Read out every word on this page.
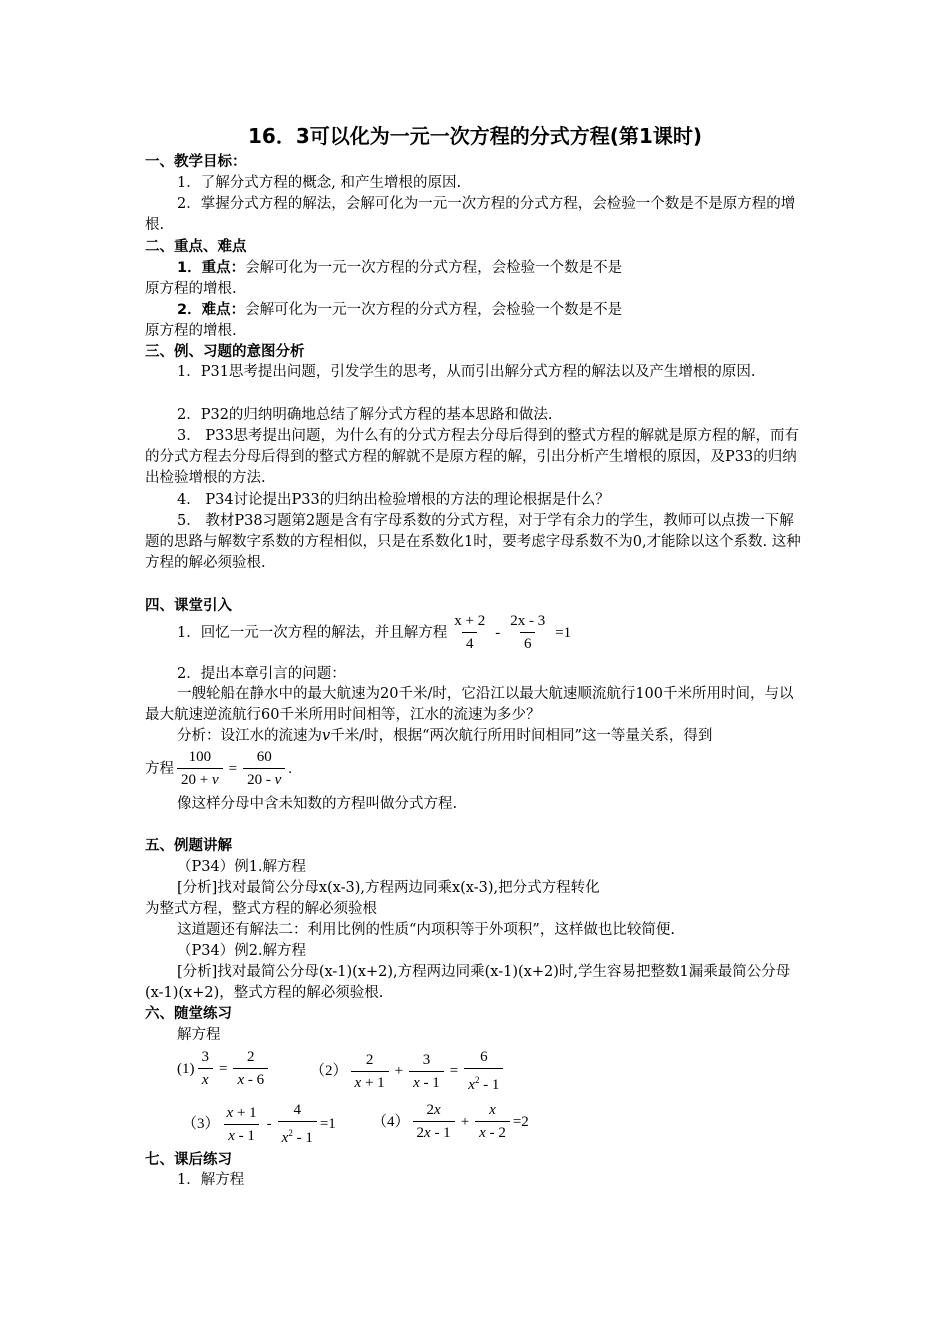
16．3可以化为一元一次方程的分式方程(第1课时)
一、教学目标：
1．了解分式方程的概念, 和产生增根的原因.
2．掌握分式方程的解法，会解可化为一元一次方程的分式方程，会检验一个数是不是原方程的增根.
二、重点、难点
1．重点：会解可化为一元一次方程的分式方程，会检验一个数是不是
原方程的增根.
2．难点：会解可化为一元一次方程的分式方程，会检验一个数是不是
原方程的增根.
三、例、习题的意图分析
1．P31思考提出问题，引发学生的思考，从而引出解分式方程的解法以及产生增根的原因.
2．P32的归纳明确地总结了解分式方程的基本思路和做法.
3． P33思考提出问题，为什么有的分式方程去分母后得到的整式方程的解就是原方程的解，而有的分式方程去分母后得到的整式方程的解就不是原方程的解，引出分析产生增根的原因，及P33的归纳出检验增根的方法.
4． P34讨论提出P33的归纳出检验增根的方法的理论根据是什么？
5． 教材P38习题第2题是含有字母系数的分式方程，对于学有余力的学生，教师可以点拨一下解题的思路与解数字系数的方程相似，只是在系数化1时，要考虑字母系数不为0,才能除以这个系数. 这种方程的解必须验根.
四、课堂引入
1．回忆一元一次方程的解法，并且解方程 $\frac{x + 2}{4} - \frac{2x - 3}{6} =1$
2．提出本章引言的问题：
一艘轮船在静水中的最大航速为20千米/时，它沿江以最大航速顺流航行100千米所用时间，与以最大航速逆流航行60千米所用时间相等，江水的流速为多少？
分析：设江水的流速为v千米/时，根据“两次航行所用时间相同”这一等量关系，得到
方程 $\frac{100}{20 + v} = \frac{60}{20 - v}$ .
像这样分母中含未知数的方程叫做分式方程.
五、例题讲解
（P34）例1.解方程
[分析]找对最简公分母x(x-3),方程两边同乘x(x-3),把分式方程转化
为整式方程，整式方程的解必须验根
这道题还有解法二：利用比例的性质“内项积等于外项积”，这样做也比较简便.
（P34）例2.解方程
[分析]找对最简公分母(x-1)(x+2),方程两边同乘(x-1)(x+2)时,学生容易把整数1漏乘最简公分母(x-1)(x+2)，整式方程的解必须验根.
六、随堂练习
解方程
$(1) \frac{3}{x} = \frac{2}{x - 6}$	$(2) \frac{2}{x + 1} + \frac{3}{x - 1} = \frac{6}{x^2 - 1}$
$(3) \frac{x + 1}{x - 1} - \frac{4}{x^2 - 1} =1$ $(4) \frac{2x}{2x - 1} + \frac{x}{x - 2} =2$
七、课后练习
1．解方程
